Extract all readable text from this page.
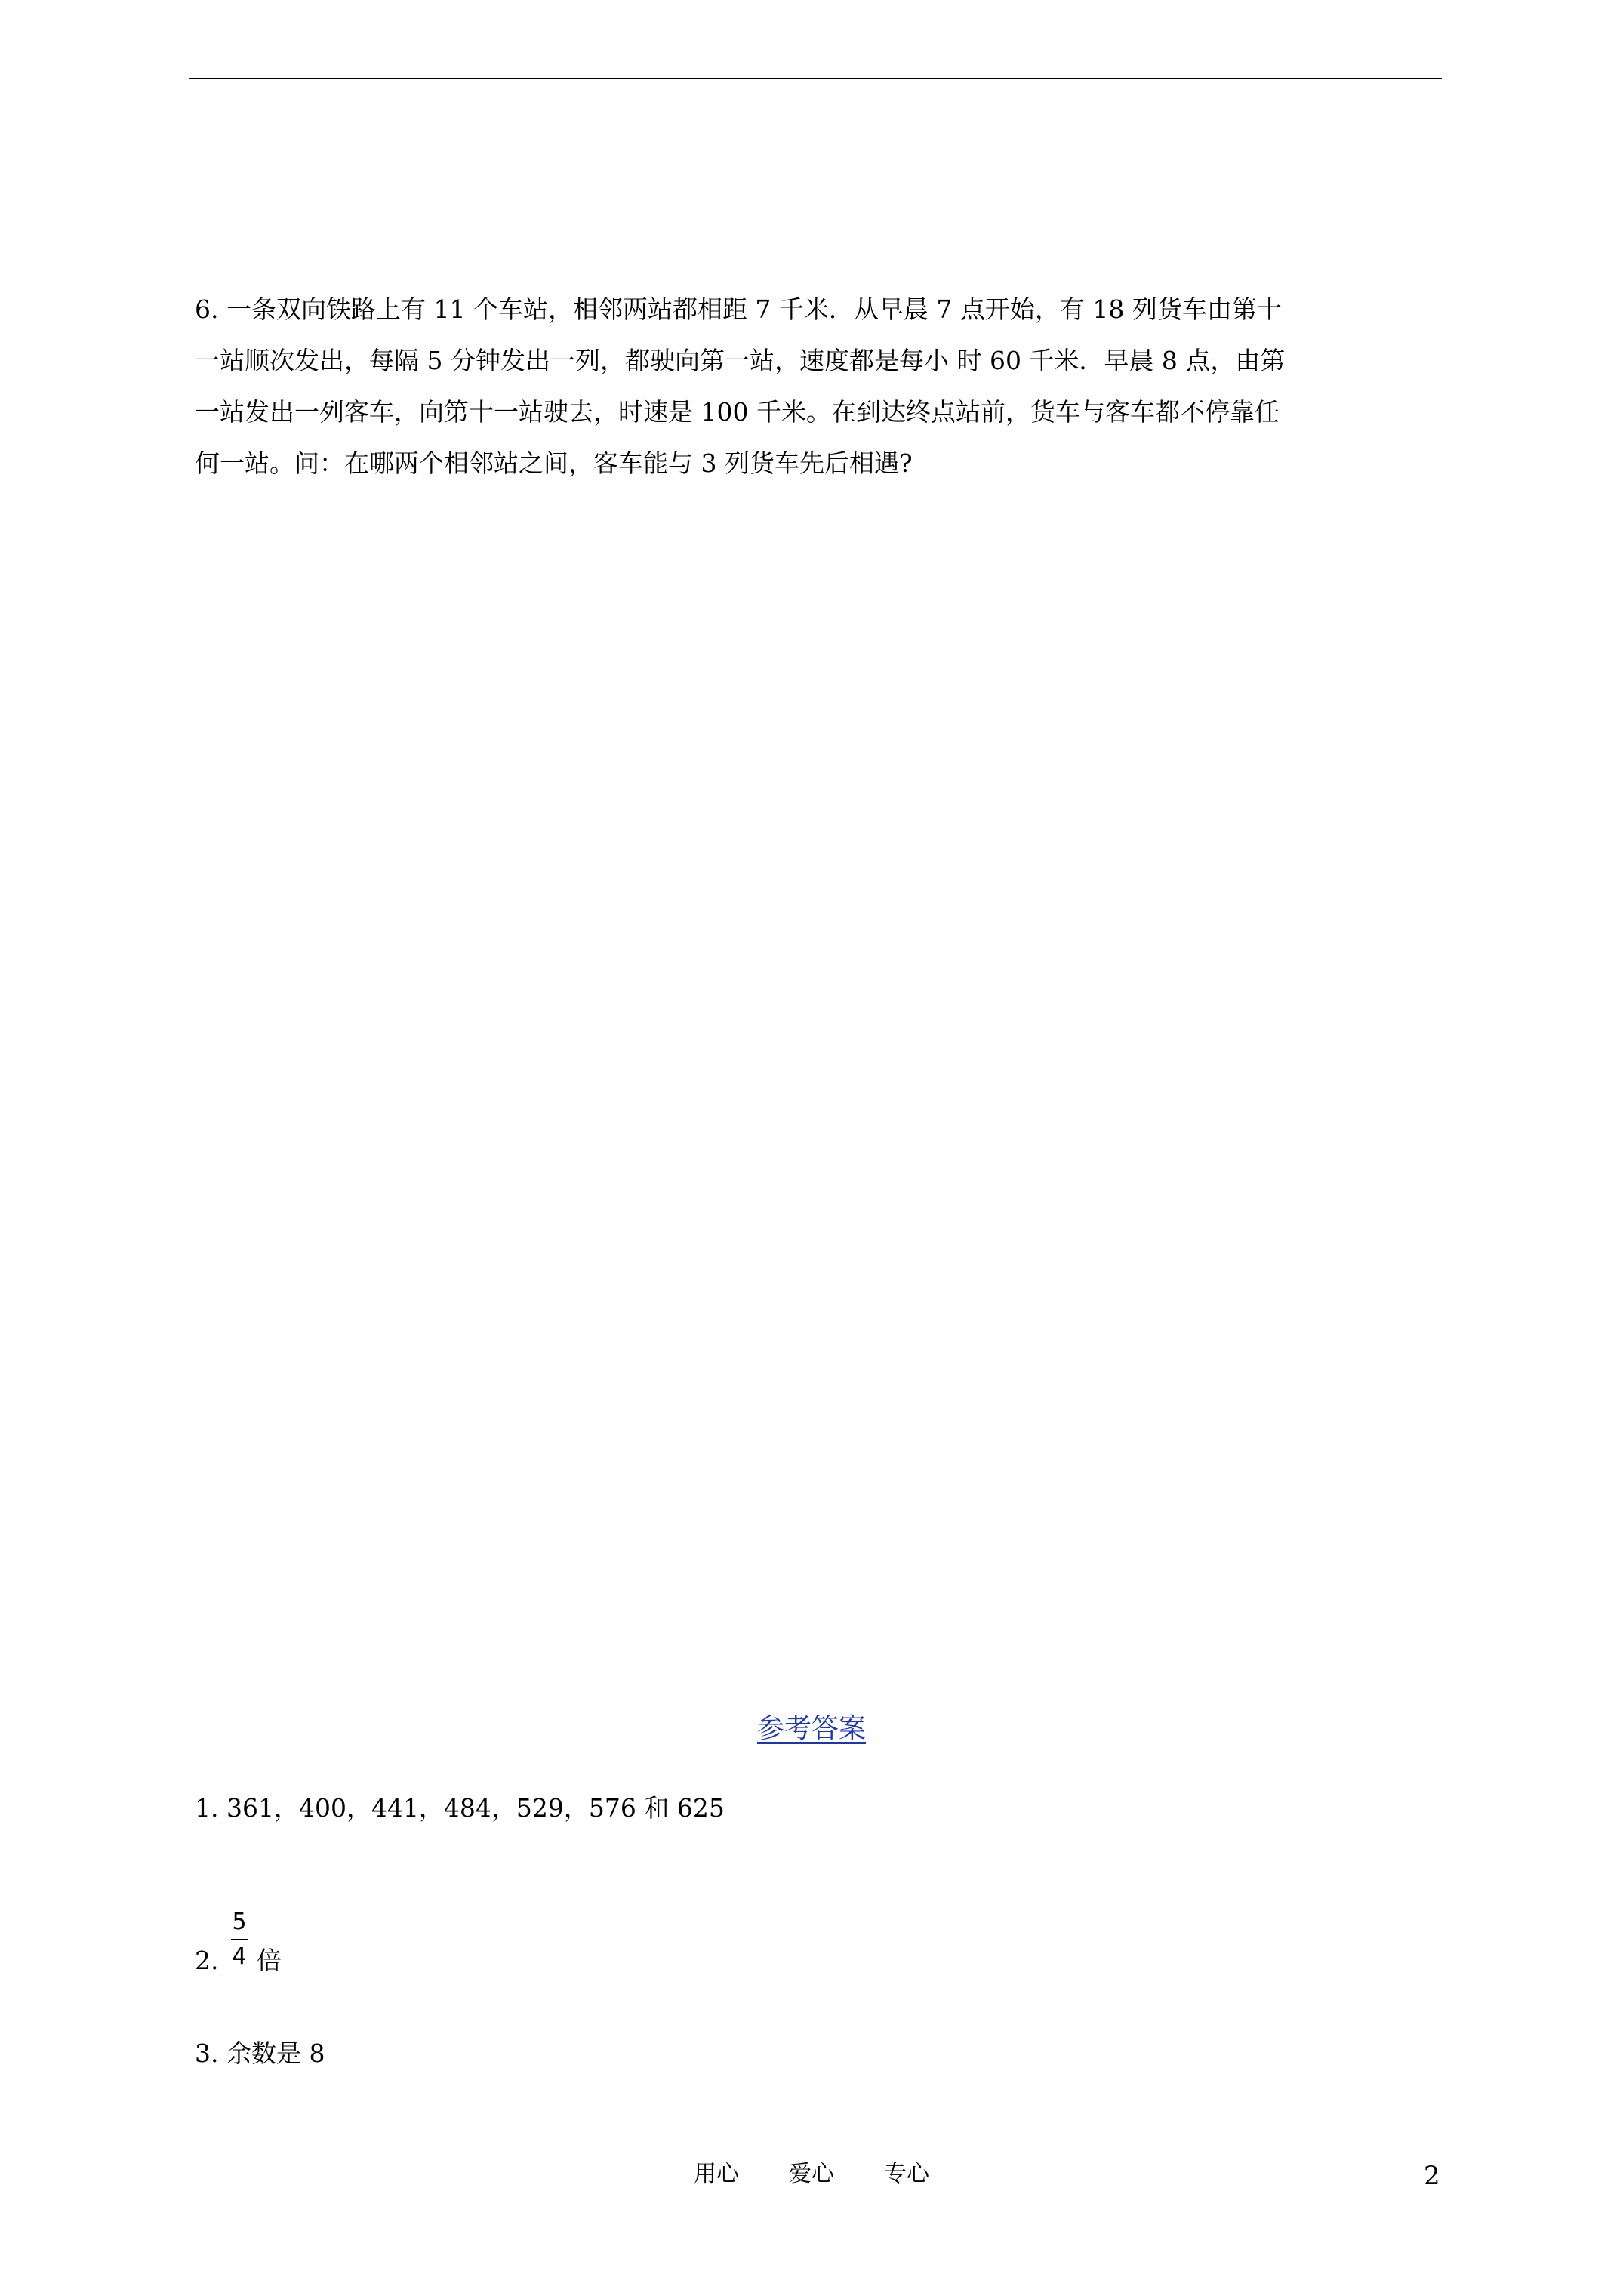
6. 一条双向铁路上有 11 个车站，相邻两站都相距 7 千米．从早晨 7 点开始，有 18 列货车由第十
一站顺次发出，每隔 5 分钟发出一列，都驶向第一站，速度都是每小 时 60 千米．早晨 8 点，由第
一站发出一列客车，向第十一站驶去，时速是 100 千米。在到达终点站前，货车与客车都不停靠任
何一站。问：在哪两个相邻站之间，客车能与 3 列货车先后相遇?
参考答案
1. 361，400，441，484，529，576 和 625
2. $\frac{5}{4}$ 倍
3. 余数是 8
用心 爱心 专心	2
